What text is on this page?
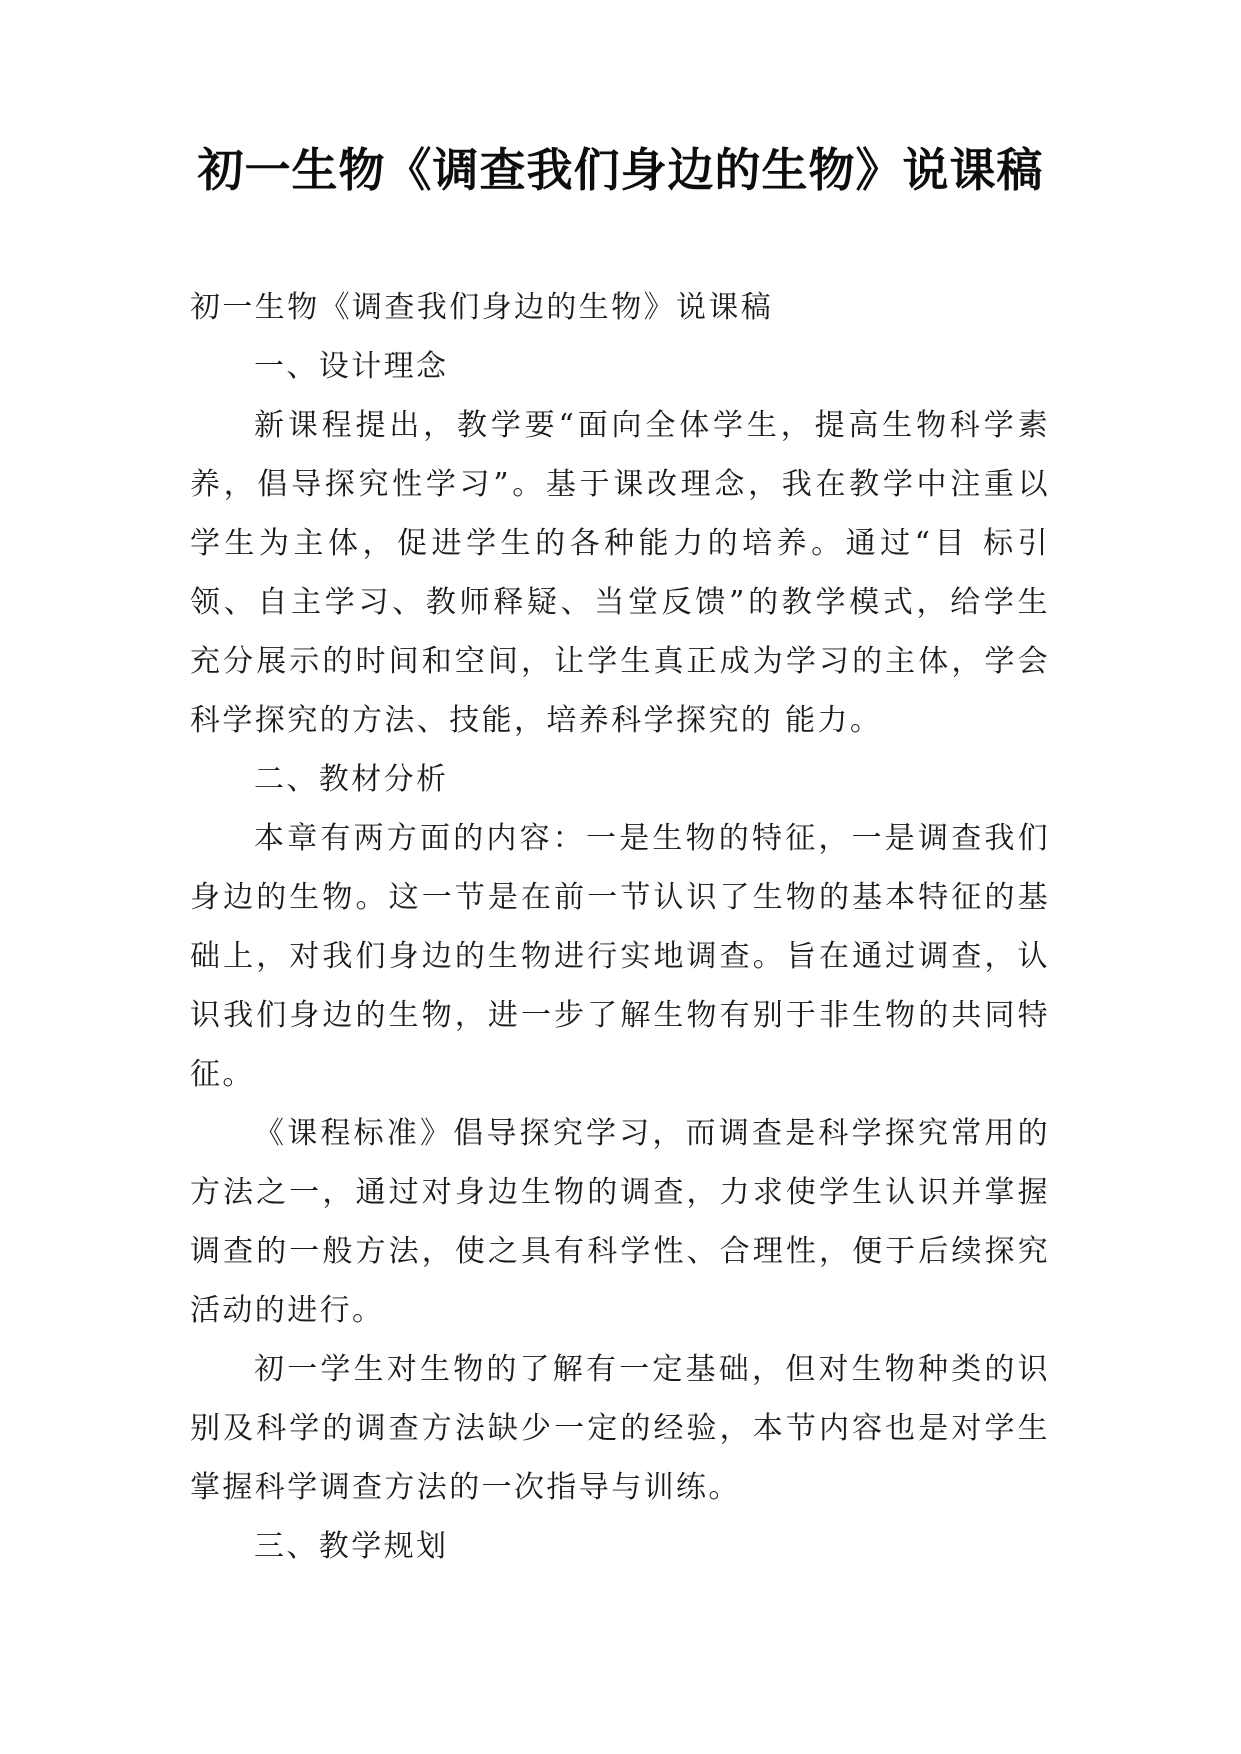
初一生物《调查我们身边的生物》说课稿

初一生物《调查我们身边的生物》说课稿

一、设计理念

新课程提出，教学要“面向全体学生，提高生物科学素养，倡导探究性学习”。基于课改理念，我在教学中注重以学生为主体，促进学生的各种能力的培养。通过“目 标引领、自主学习、教师释疑、当堂反馈”的教学模式，给学生充分展示的时间和空间，让学生真正成为学习的主体，学会科学探究的方法、技能，培养科学探究的 能力。

二、教材分析

本章有两方面的内容：一是生物的特征，一是调查我们身边的生物。这一节是在前一节认识了生物的基本特征的基础上，对我们身边的生物进行实地调查。旨在通过调查，认识我们身边的生物，进一步了解生物有别于非生物的共同特征。

《课程标准》倡导探究学习，而调查是科学探究常用的方法之一，通过对身边生物的调查，力求使学生认识并掌握调查的一般方法，使之具有科学性、合理性，便于后续探究活动的进行。

初一学生对生物的了解有一定基础，但对生物种类的识别及科学的调查方法缺少一定的经验，本节内容也是对学生掌握科学调查方法的一次指导与训练。

三、教学规划
